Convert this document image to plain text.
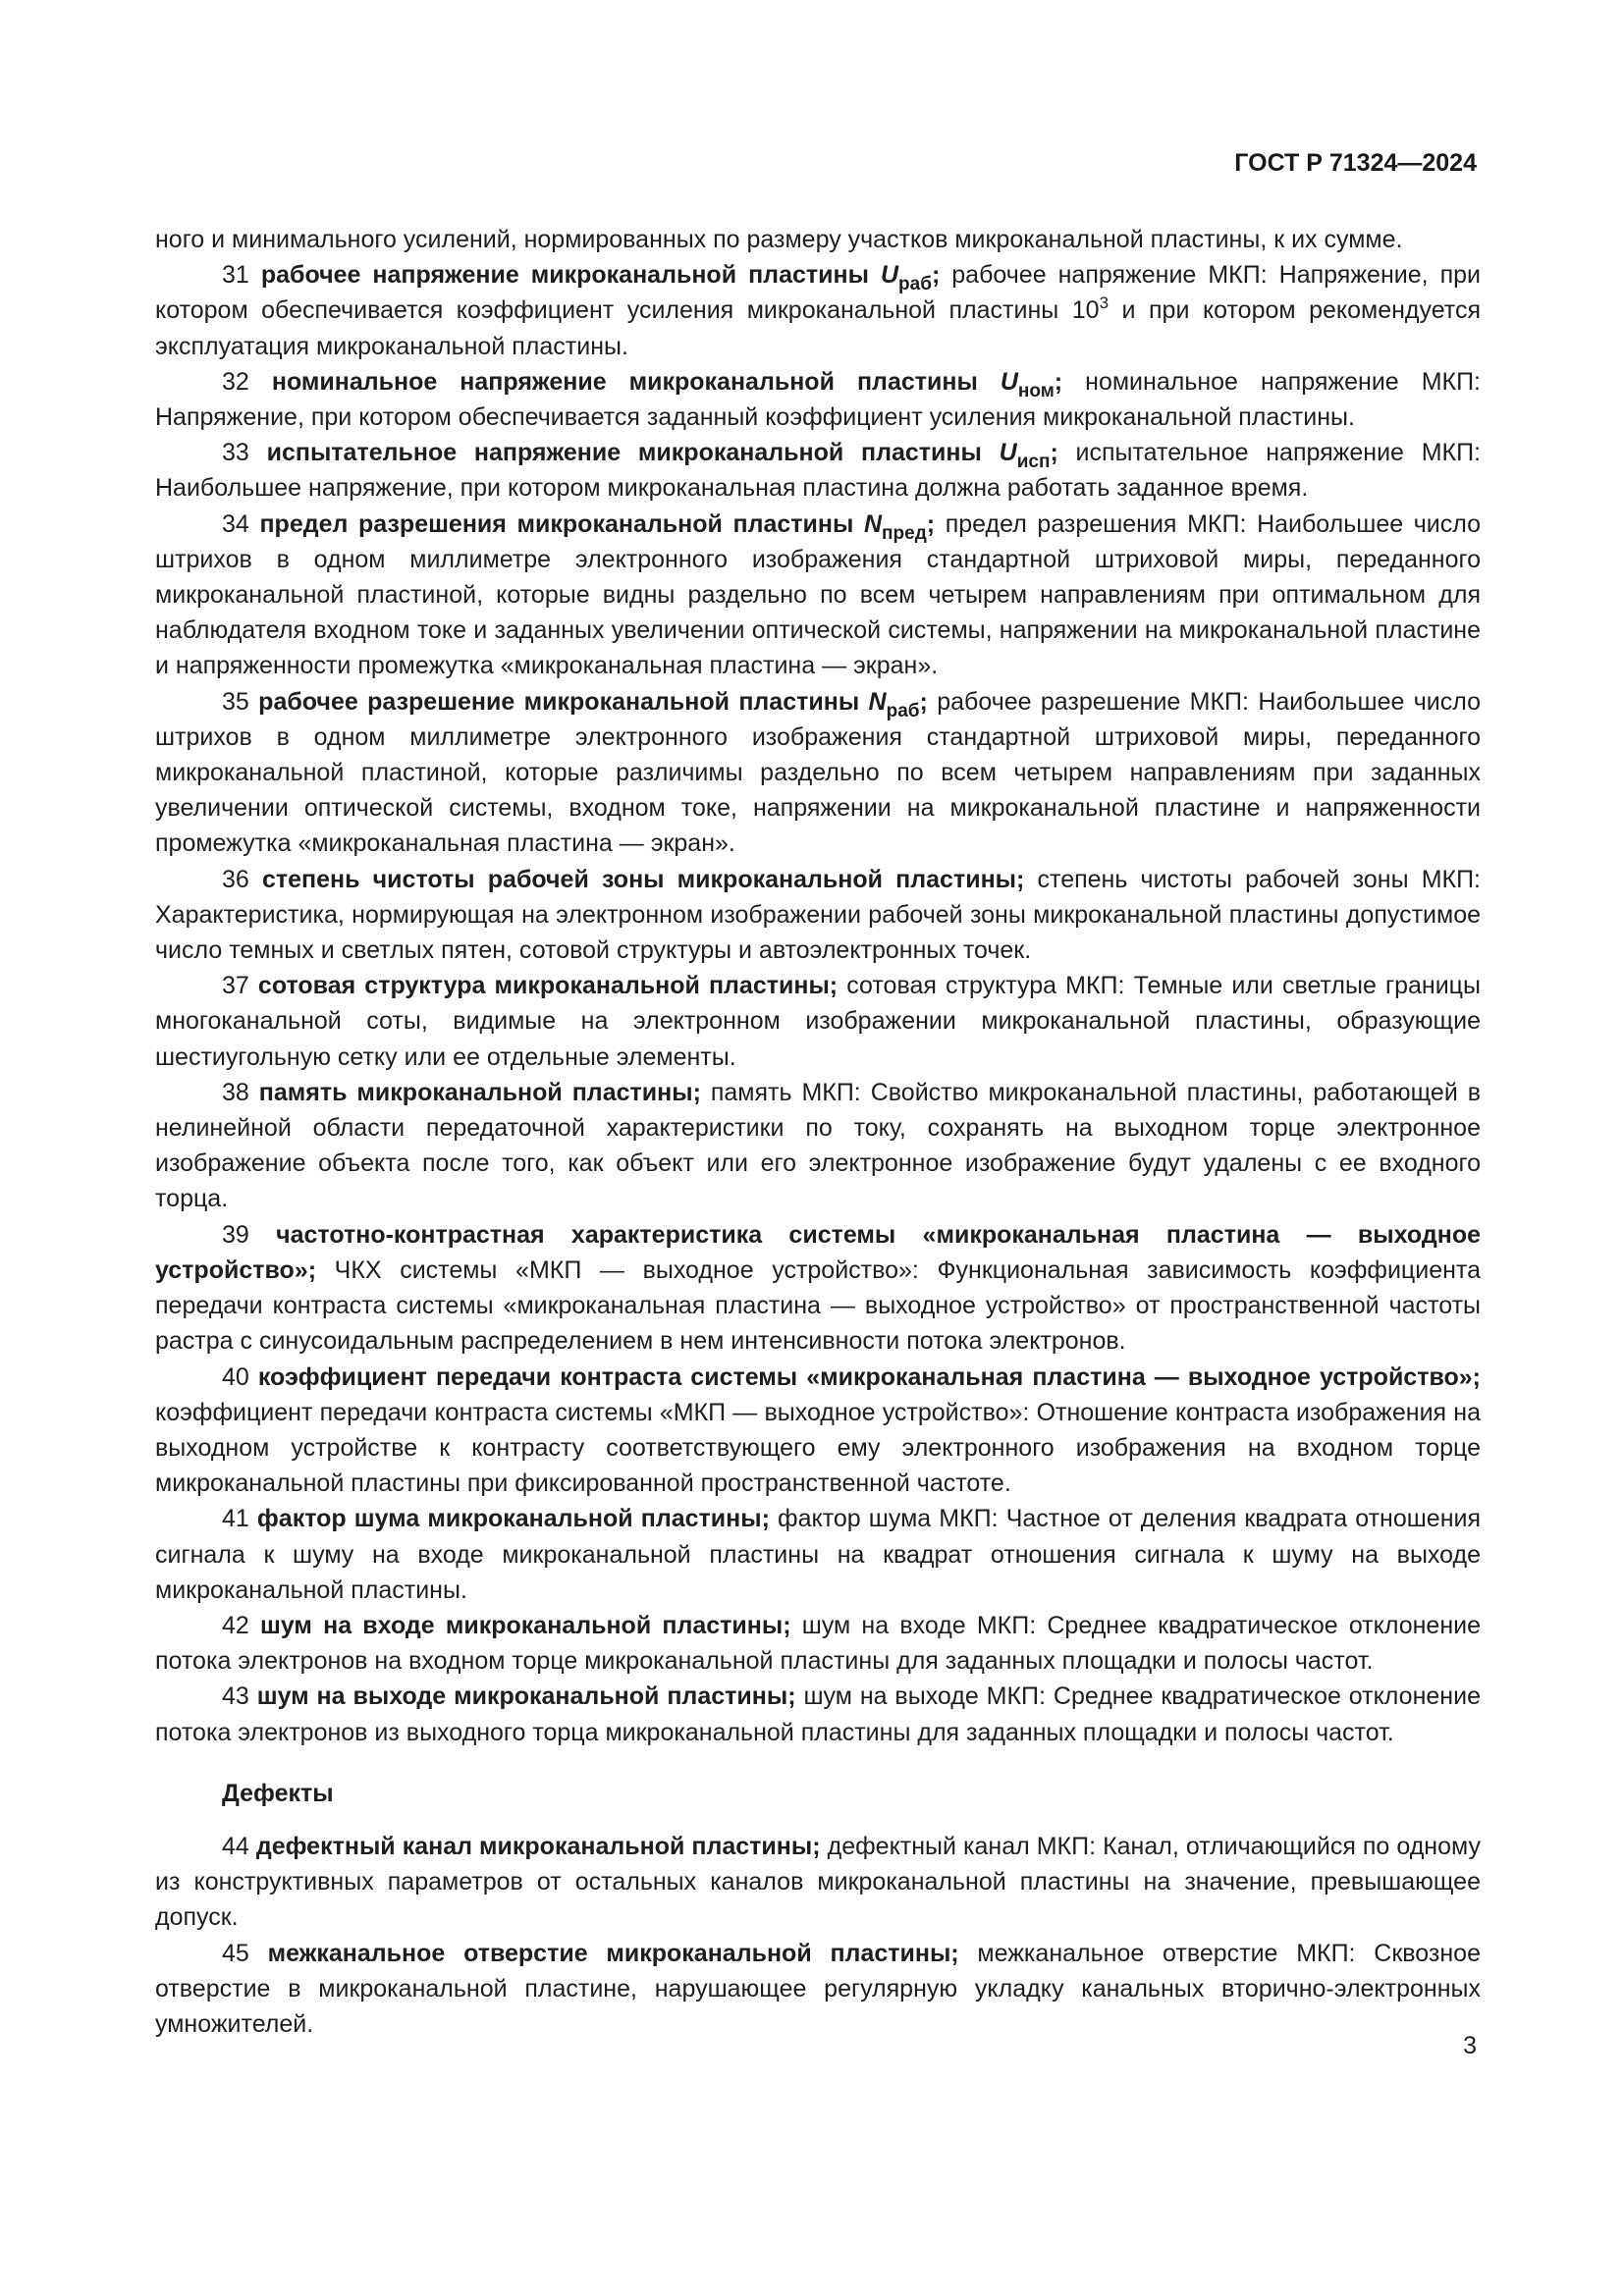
ГОСТ Р 71324—2024

ного и минимального усилений, нормированных по размеру участков микроканальной пластины, к их сумме.

31 рабочее напряжение микроканальной пластины $U_{раб}$; рабочее напряжение МКП: Напряжение, при котором обеспечивается коэффициент усиления микроканальной пластины $10^3$ и при котором рекомендуется эксплуатация микроканальной пластины.

32 номинальное напряжение микроканальной пластины $U_{ном}$; номинальное напряжение МКП: Напряжение, при котором обеспечивается заданный коэффициент усиления микроканальной пластины.

33 испытательное напряжение микроканальной пластины $U_{исп}$; испытательное напряжение МКП: Наибольшее напряжение, при котором микроканальная пластина должна работать заданное время.

34 предел разрешения микроканальной пластины $N_{пред}$; предел разрешения МКП: Наибольшее число штрихов в одном миллиметре электронного изображения стандартной штриховой миры, переданного микроканальной пластиной, которые видны раздельно по всем четырем направлениям при оптимальном для наблюдателя входном токе и заданных увеличении оптической системы, напряжении на микроканальной пластине и напряженности промежутка «микроканальная пластина — экран».

35 рабочее разрешение микроканальной пластины $N_{раб}$; рабочее разрешение МКП: Наибольшее число штрихов в одном миллиметре электронного изображения стандартной штриховой миры, переданного микроканальной пластиной, которые различимы раздельно по всем четырем направлениям при заданных увеличении оптической системы, входном токе, напряжении на микроканальной пластине и напряженности промежутка «микроканальная пластина — экран».

36 степень чистоты рабочей зоны микроканальной пластины; степень чистоты рабочей зоны МКП: Характеристика, нормирующая на электронном изображении рабочей зоны микроканальной пластины допустимое число темных и светлых пятен, сотовой структуры и автоэлектронных точек.

37 сотовая структура микроканальной пластины; сотовая структура МКП: Темные или светлые границы многоканальной соты, видимые на электронном изображении микроканальной пластины, образующие шестиугольную сетку или ее отдельные элементы.

38 память микроканальной пластины; память МКП: Свойство микроканальной пластины, работающей в нелинейной области передаточной характеристики по току, сохранять на выходном торце электронное изображение объекта после того, как объект или его электронное изображение будут удалены с ее входного торца.

39 частотно-контрастная характеристика системы «микроканальная пластина — выходное устройство»; ЧКХ системы «МКП — выходное устройство»: Функциональная зависимость коэффициента передачи контраста системы «микроканальная пластина — выходное устройство» от пространственной частоты растра с синусоидальным распределением в нем интенсивности потока электронов.

40 коэффициент передачи контраста системы «микроканальная пластина — выходное устройство»; коэффициент передачи контраста системы «МКП — выходное устройство»: Отношение контраста изображения на выходном устройстве к контрасту соответствующего ему электронного изображения на входном торце микроканальной пластины при фиксированной пространственной частоте.

41 фактор шума микроканальной пластины; фактор шума МКП: Частное от деления квадрата отношения сигнала к шуму на входе микроканальной пластины на квадрат отношения сигнала к шуму на выходе микроканальной пластины.

42 шум на входе микроканальной пластины; шум на входе МКП: Среднее квадратическое отклонение потока электронов на входном торце микроканальной пластины для заданных площадки и полосы частот.

43 шум на выходе микроканальной пластины; шум на выходе МКП: Среднее квадратическое отклонение потока электронов из выходного торца микроканальной пластины для заданных площадки и полосы частот.

Дефекты

44 дефектный канал микроканальной пластины; дефектный канал МКП: Канал, отличающийся по одному из конструктивных параметров от остальных каналов микроканальной пластины на значение, превышающее допуск.

45 межканальное отверстие микроканальной пластины; межканальное отверстие МКП: Сквозное отверстие в микроканальной пластине, нарушающее регулярную укладку канальных вторично-электронных умножителей.

3
